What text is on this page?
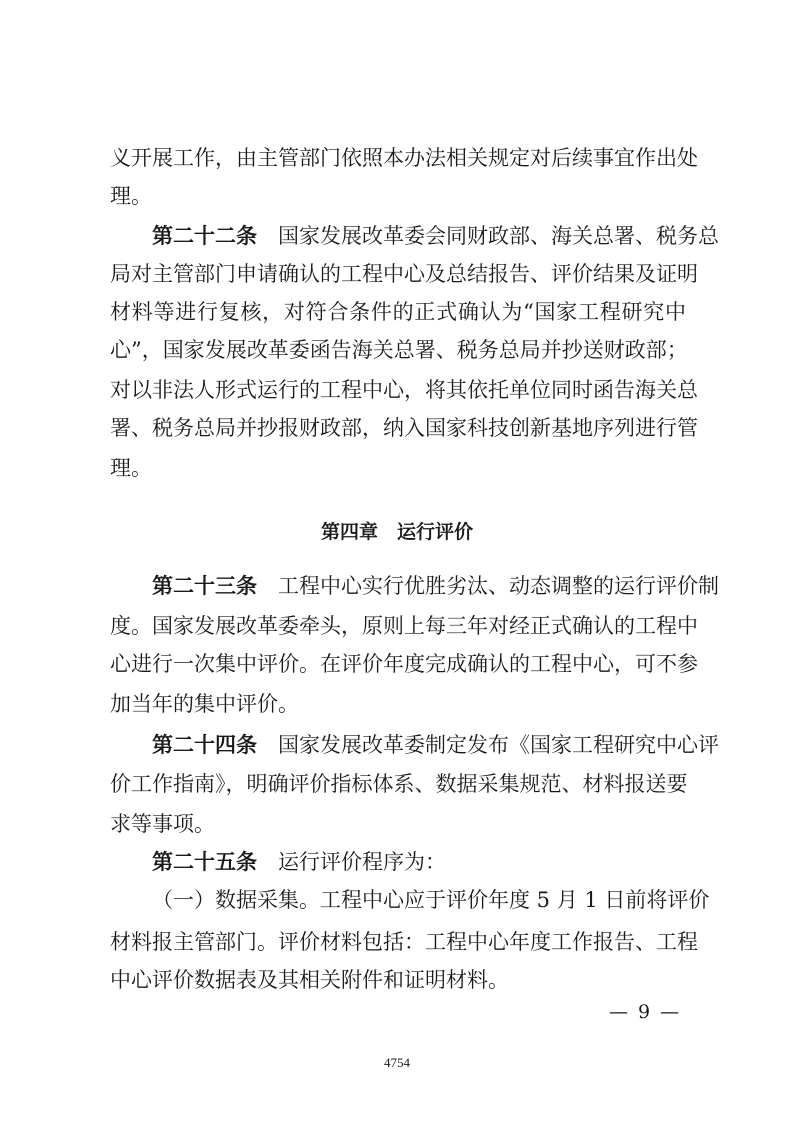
义开展工作，由主管部门依照本办法相关规定对后续事宜作出处
理。
第二十二条　 国家发展改革委会同财政部、海关总署、税务总
局对主管部门申请确认的工程中心及总结报告、评价结果及证明
材料等进行复核，对符合条件的正式确认为“国家工程研究中
心”，国家发展改革委函告海关总署、税务总局并抄送财政部；
对以非法人形式运行的工程中心，将其依托单位同时函告海关总
署、税务总局并抄报财政部，纳入国家科技创新基地序列进行管
理。
第四章　运行评价
第二十三条　 工程中心实行优胜劣汰、动态调整的运行评价制
度。国家发展改革委牵头，原则上每三年对经正式确认的工程中
心进行一次集中评价。在评价年度完成确认的工程中心，可不参
加当年的集中评价。
第二十四条　 国家发展改革委制定发布《国家工程研究中心评
价工作指南》，明确评价指标体系、数据采集规范、材料报送要
求等事项。
第二十五条　 运行评价程序为：
（一）数据采集。工程中心应于评价年度 5 月 1 日前将评价
材料报主管部门。评价材料包括：工程中心年度工作报告、工程
中心评价数据表及其相关附件和证明材料。
— 9 —
4754
